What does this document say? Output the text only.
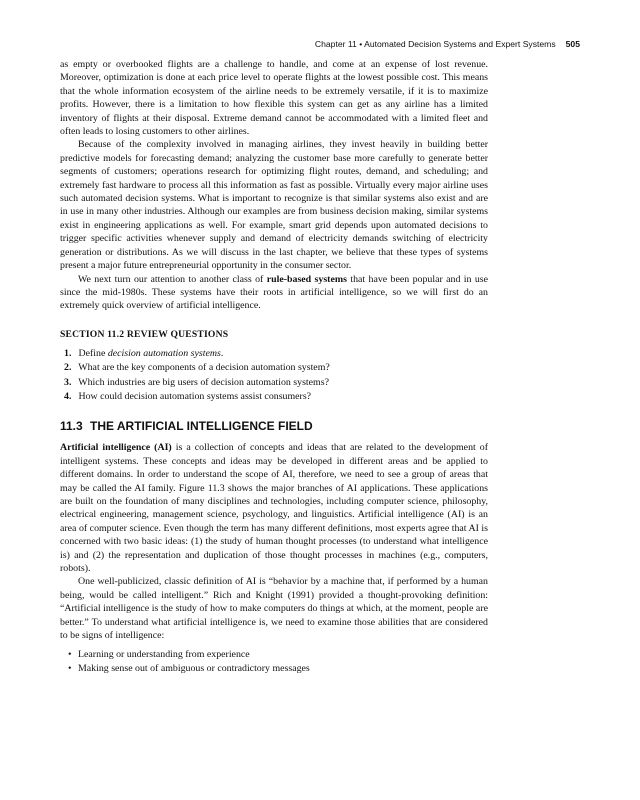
Chapter 11 • Automated Decision Systems and Expert Systems 505

as empty or overbooked flights are a challenge to handle, and come at an expense of lost revenue. Moreover, optimization is done at each price level to operate flights at the lowest possible cost. This means that the whole information ecosystem of the airline needs to be extremely versatile, if it is to maximize profits. However, there is a limitation to how flexible this system can get as any airline has a limited inventory of flights at their disposal. Extreme demand cannot be accommodated with a limited fleet and often leads to losing customers to other airlines.

Because of the complexity involved in managing airlines, they invest heavily in building better predictive models for forecasting demand; analyzing the customer base more carefully to generate better segments of customers; operations research for optimizing flight routes, demand, and scheduling; and extremely fast hardware to process all this information as fast as possible. Virtually every major airline uses such automated decision systems. What is important to recognize is that similar systems also exist and are in use in many other industries. Although our examples are from business decision making, similar systems exist in engineering applications as well. For example, smart grid depends upon automated decisions to trigger specific activities whenever supply and demand of electricity demands switching of electricity generation or distributions. As we will discuss in the last chapter, we believe that these types of systems present a major future entrepreneurial opportunity in the consumer sector.

We next turn our attention to another class of rule-based systems that have been popular and in use since the mid-1980s. These systems have their roots in artificial intelligence, so we will first do an extremely quick overview of artificial intelligence.

SECTION 11.2 REVIEW QUESTIONS
1. Define decision automation systems.
2. What are the key components of a decision automation system?
3. Which industries are big users of decision automation systems?
4. How could decision automation systems assist consumers?
11.3 THE ARTIFICIAL INTELLIGENCE FIELD

Artificial intelligence (AI) is a collection of concepts and ideas that are related to the development of intelligent systems. These concepts and ideas may be developed in different areas and be applied to different domains. In order to understand the scope of AI, therefore, we need to see a group of areas that may be called the AI family. Figure 11.3 shows the major branches of AI applications. These applications are built on the foundation of many disciplines and technologies, including computer science, philosophy, electrical engineering, management science, psychology, and linguistics. Artificial intelligence (AI) is an area of computer science. Even though the term has many different definitions, most experts agree that AI is concerned with two basic ideas: (1) the study of human thought processes (to understand what intelligence is) and (2) the representation and duplication of those thought processes in machines (e.g., computers, robots).

One well-publicized, classic definition of AI is “behavior by a machine that, if performed by a human being, would be called intelligent.” Rich and Knight (1991) provided a thought-provoking definition: “Artificial intelligence is the study of how to make computers do things at which, at the moment, people are better.” To understand what artificial intelligence is, we need to examine those abilities that are considered to be signs of intelligence:

• Learning or understanding from experience
• Making sense out of ambiguous or contradictory messages
